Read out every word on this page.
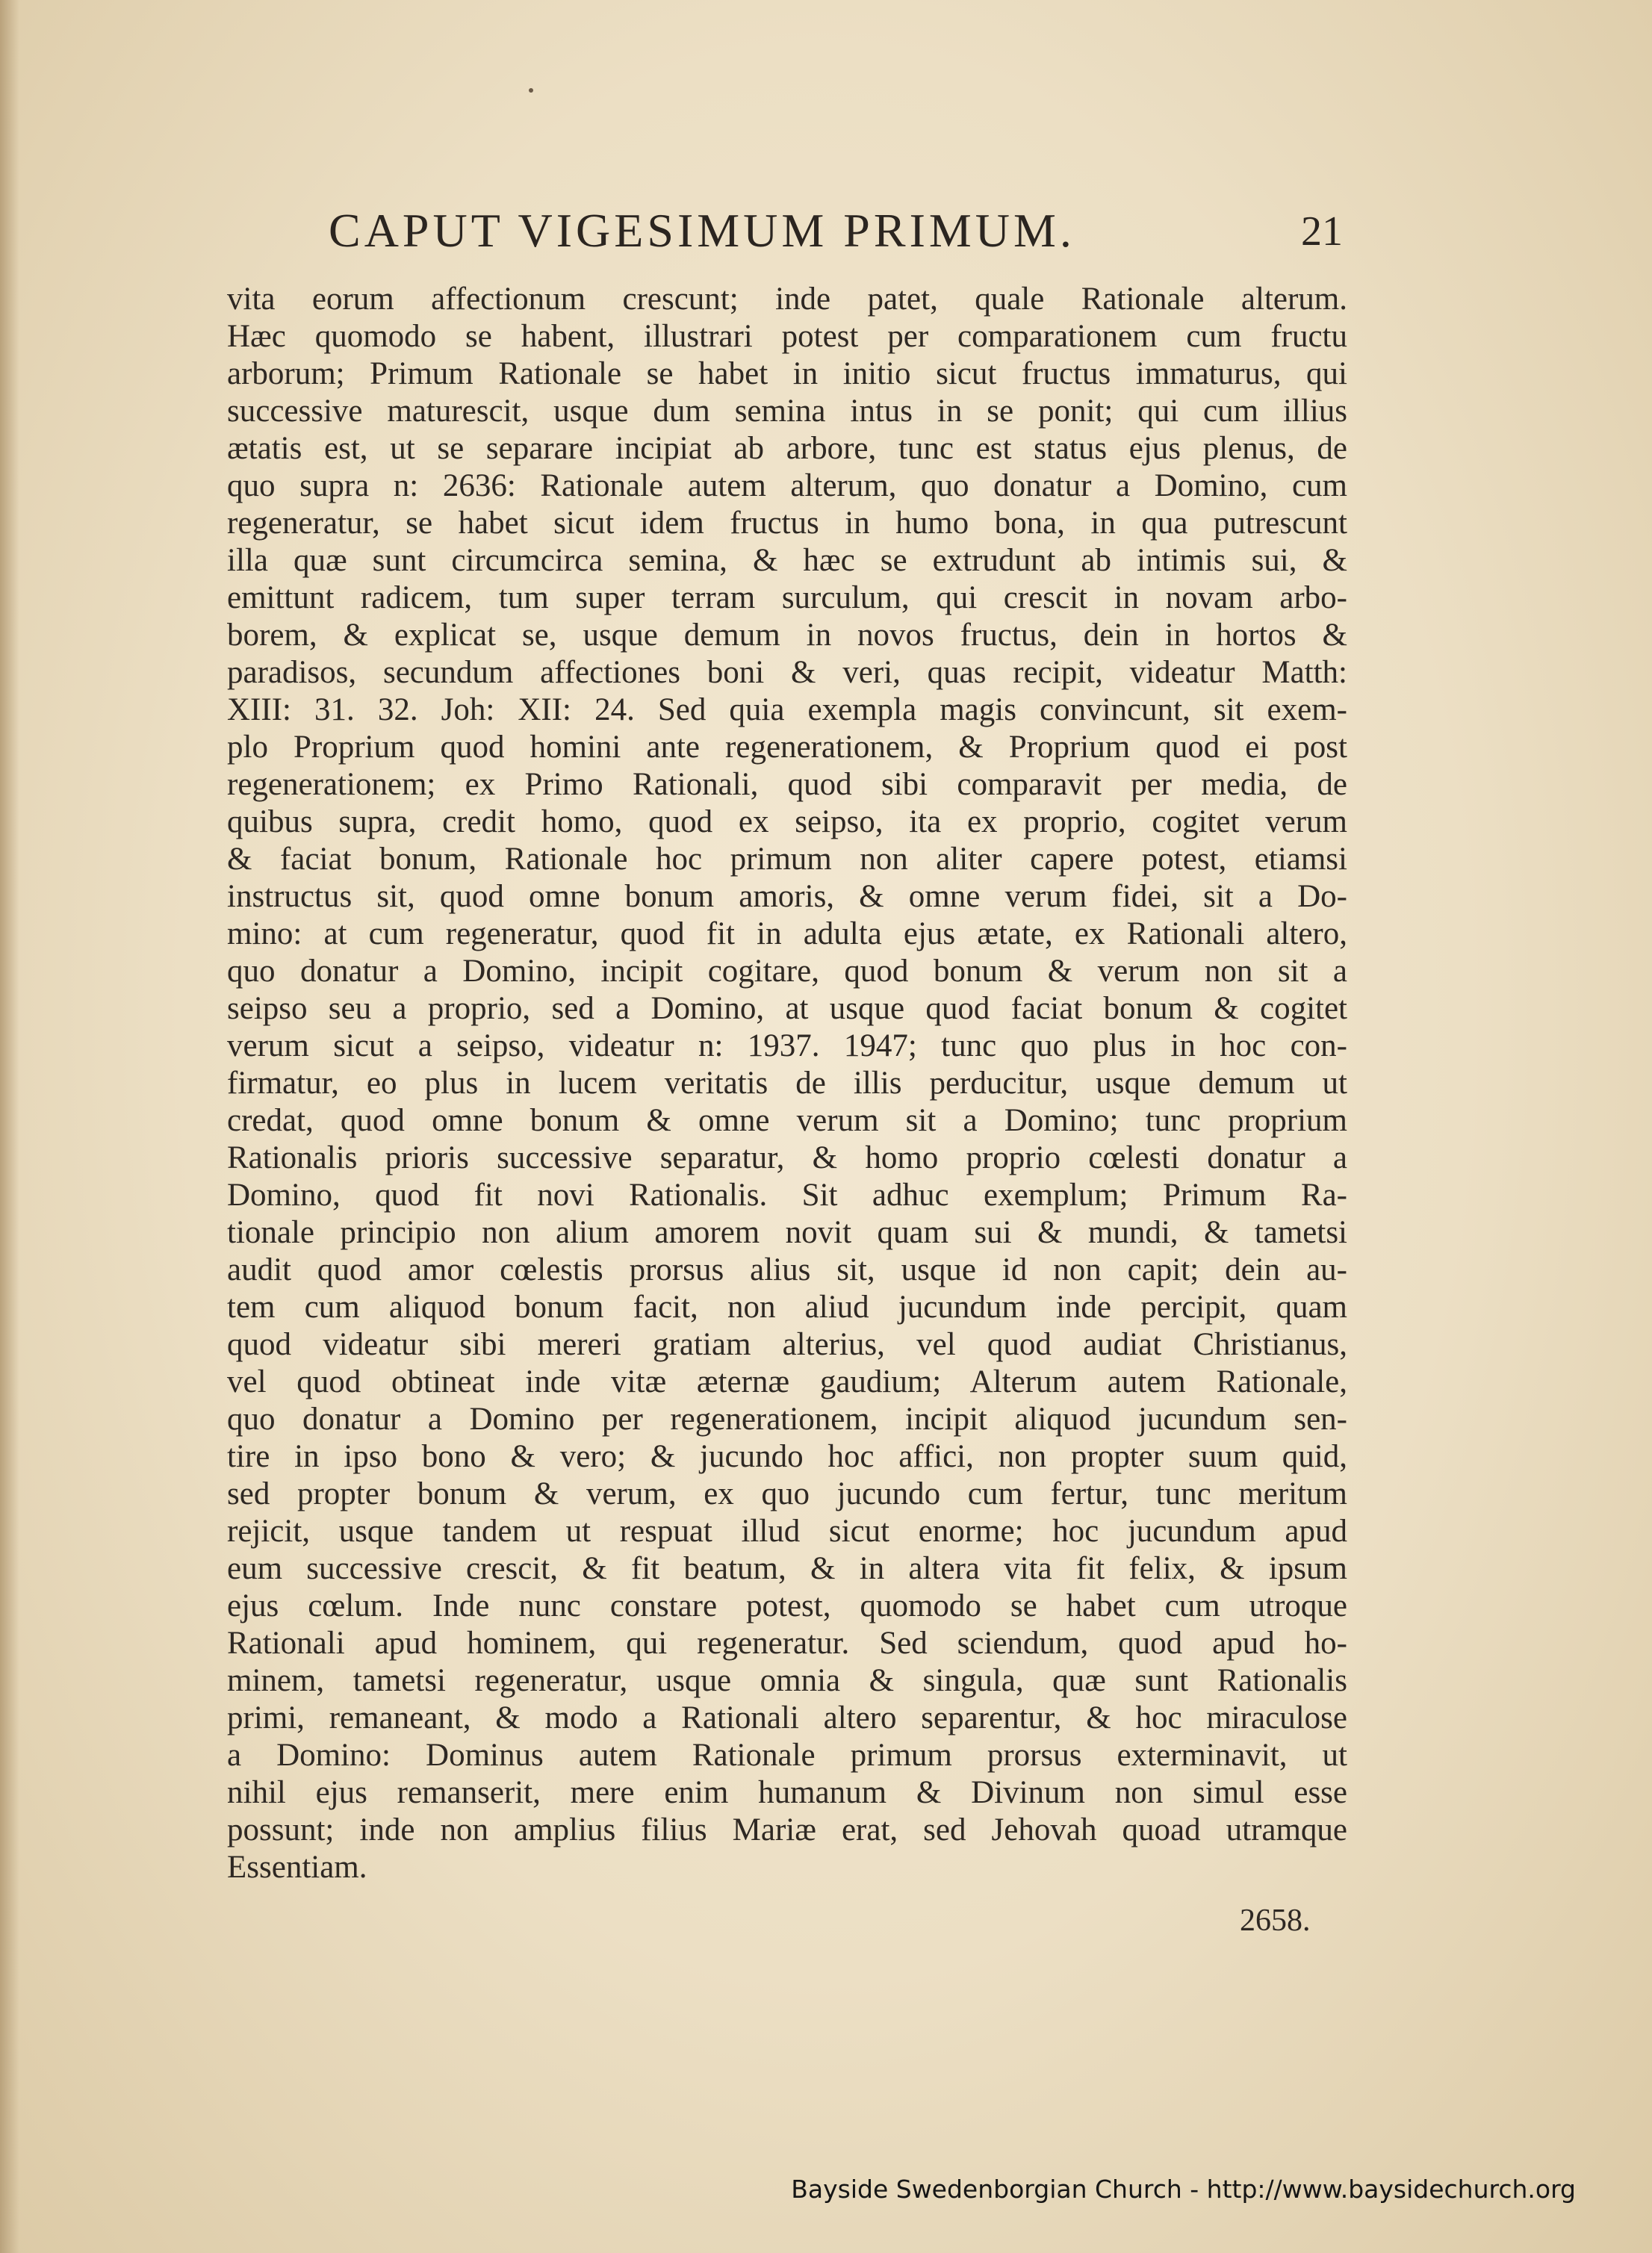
CAPUT VIGESIMUM PRIMUM.	21
vita eorum affectionum crescunt; inde patet, quale Rationale alterum.
Hæc quomodo se habent, illustrari potest per comparationem cum fructu
arborum; Primum Rationale se habet in initio sicut fructus immaturus, qui
successive maturescit, usque dum semina intus in se ponit; qui cum illius
ætatis est, ut se separare incipiat ab arbore, tunc est status ejus plenus, de
quo supra n: 2636: Rationale autem alterum, quo donatur a Domino, cum
regeneratur, se habet sicut idem fructus in humo bona, in qua putrescunt
illa quæ sunt circumcirca semina, & hæc se extrudunt ab intimis sui, &
emittunt radicem, tum super terram surculum, qui crescit in novam arbo-
borem, & explicat se, usque demum in novos fructus, dein in hortos &
paradisos, secundum affectiones boni & veri, quas recipit, videatur Matth:
XIII: 31. 32. Joh: XII: 24. Sed quia exempla magis convincunt, sit exem-
plo Proprium quod homini ante regenerationem, & Proprium quod ei post
regenerationem; ex Primo Rationali, quod sibi comparavit per media, de
quibus supra, credit homo, quod ex seipso, ita ex proprio, cogitet verum
& faciat bonum, Rationale hoc primum non aliter capere potest, etiamsi
instructus sit, quod omne bonum amoris, & omne verum fidei, sit a Do-
mino: at cum regeneratur, quod fit in adulta ejus ætate, ex Rationali altero,
quo donatur a Domino, incipit cogitare, quod bonum & verum non sit a
seipso seu a proprio, sed a Domino, at usque quod faciat bonum & cogitet
verum sicut a seipso, videatur n: 1937. 1947; tunc quo plus in hoc con-
firmatur, eo plus in lucem veritatis de illis perducitur, usque demum ut
credat, quod omne bonum & omne verum sit a Domino; tunc proprium
Rationalis prioris successive separatur, & homo proprio cœlesti donatur a
Domino, quod fit novi Rationalis. Sit adhuc exemplum; Primum Ra-
tionale principio non alium amorem novit quam sui & mundi, & tametsi
audit quod amor cœlestis prorsus alius sit, usque id non capit; dein au-
tem cum aliquod bonum facit, non aliud jucundum inde percipit, quam
quod videatur sibi mereri gratiam alterius, vel quod audiat Christianus,
vel quod obtineat inde vitæ æternæ gaudium; Alterum autem Rationale,
quo donatur a Domino per regenerationem, incipit aliquod jucundum sen-
tire in ipso bono & vero; & jucundo hoc affici, non propter suum quid,
sed propter bonum & verum, ex quo jucundo cum fertur, tunc meritum
rejicit, usque tandem ut respuat illud sicut enorme; hoc jucundum apud
eum successive crescit, & fit beatum, & in altera vita fit felix, & ipsum
ejus cœlum. Inde nunc constare potest, quomodo se habet cum utroque
Rationali apud hominem, qui regeneratur. Sed sciendum, quod apud ho-
minem, tametsi regeneratur, usque omnia & singula, quæ sunt Rationalis
primi, remaneant, & modo a Rationali altero separentur, & hoc miraculose
a Domino: Dominus autem Rationale primum prorsus exterminavit, ut
nihil ejus remanserit, mere enim humanum & Divinum non simul esse
possunt; inde non amplius filius Mariæ erat, sed Jehovah quoad utramque
Essentiam.
2658.
Bayside Swedenborgian Church - http://www.baysidechurch.org
